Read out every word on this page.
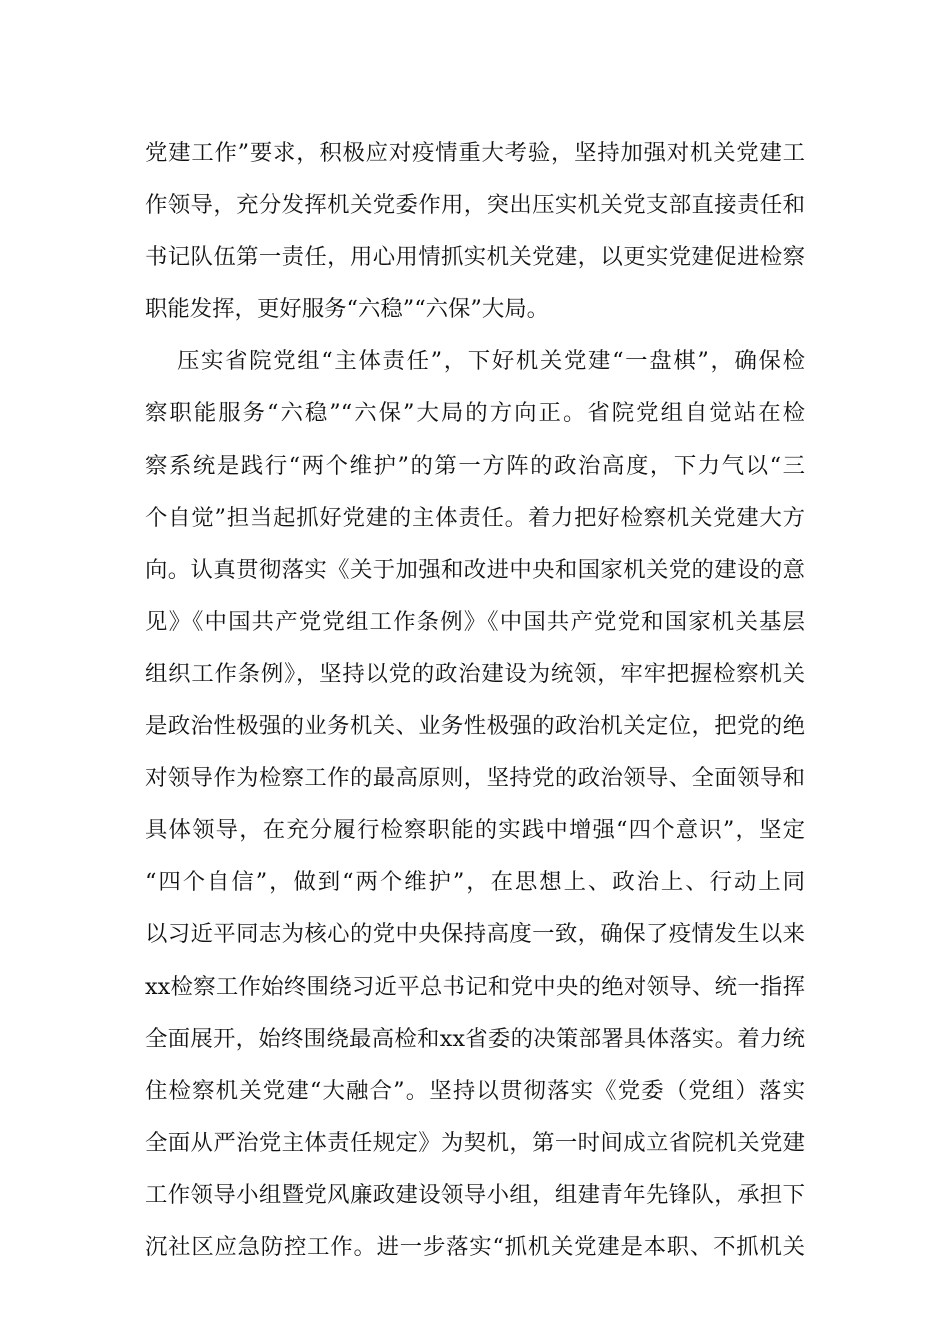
党建工作”要求，积极应对疫情重大考验，坚持加强对机关党建工
作领导，充分发挥机关党委作用，突出压实机关党支部直接责任和
书记队伍第一责任，用心用情抓实机关党建，以更实党建促进检察
职能发挥，更好服务“六稳”“六保”大局。
压实省院党组“主体责任”，下好机关党建“一盘棋”，确保检
察职能服务“六稳”“六保”大局的方向正。省院党组自觉站在检
察系统是践行“两个维护”的第一方阵的政治高度，下力气以“三
个自觉”担当起抓好党建的主体责任。着力把好检察机关党建大方
向。认真贯彻落实《关于加强和改进中央和国家机关党的建设的意
见》《中国共产党党组工作条例》《中国共产党党和国家机关基层
组织工作条例》，坚持以党的政治建设为统领，牢牢把握检察机关
是政治性极强的业务机关、业务性极强的政治机关定位，把党的绝
对领导作为检察工作的最高原则，坚持党的政治领导、全面领导和
具体领导，在充分履行检察职能的实践中增强“四个意识”，坚定
“四个自信”，做到“两个维护”，在思想上、政治上、行动上同
以习近平同志为核心的党中央保持高度一致，确保了疫情发生以来
xx检察工作始终围绕习近平总书记和党中央的绝对领导、统一指挥
全面展开，始终围绕最高检和xx省委的决策部署具体落实。着力统
住检察机关党建“大融合”。坚持以贯彻落实《党委（党组）落实
全面从严治党主体责任规定》为契机，第一时间成立省院机关党建
工作领导小组暨党风廉政建设领导小组，组建青年先锋队，承担下
沉社区应急防控工作。进一步落实“抓机关党建是本职、不抓机关
